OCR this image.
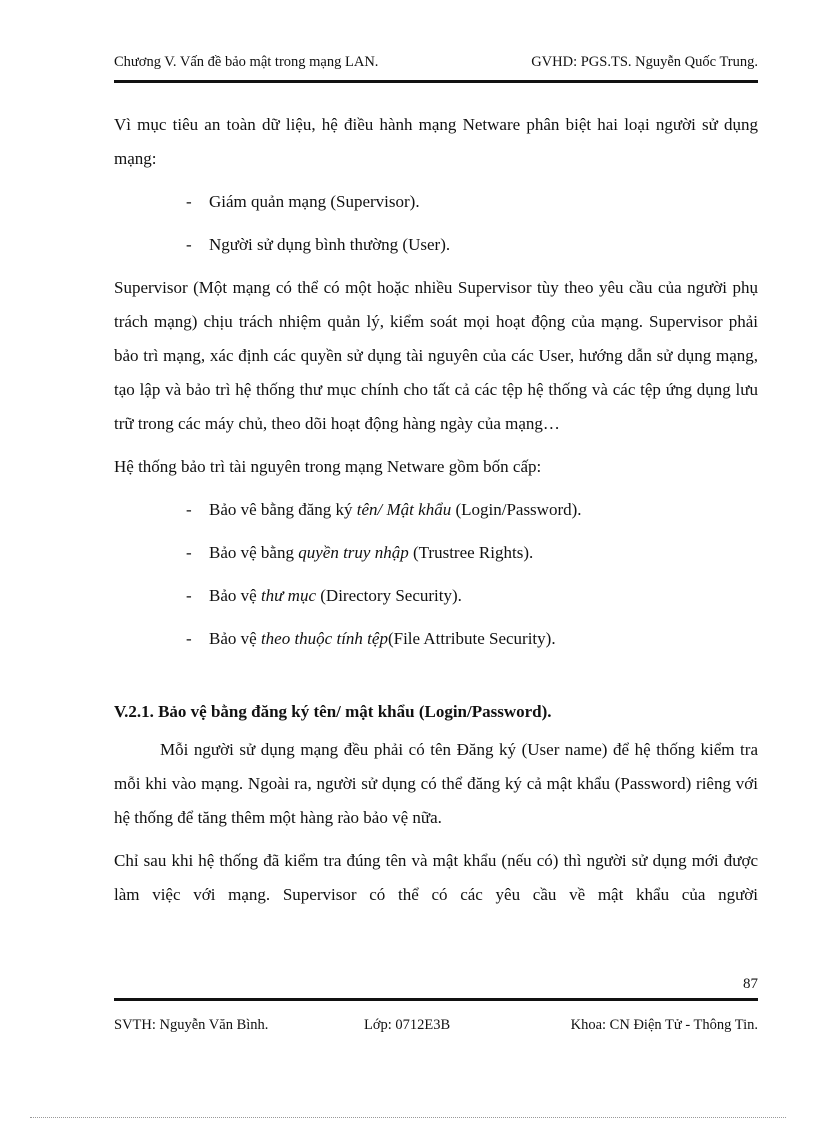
Chương V. Vấn đề bảo mật trong mạng LAN.	GVHD: PGS.TS. Nguyễn Quốc Trung.

Vì mục tiêu an toàn dữ liệu, hệ điều hành mạng Netware phân biệt hai loại người sử dụng mạng:

-	Giám quản mạng (Supervisor).
-	Người sử dụng bình thường (User).

Supervisor (Một mạng có thể có một hoặc nhiều Supervisor tùy theo yêu cầu của người phụ trách mạng) chịu trách nhiệm quản lý, kiểm soát mọi hoạt động của mạng. Supervisor phải bảo trì mạng, xác định các quyền sử dụng tài nguyên của các User, hướng dẫn sử dụng mạng, tạo lập và bảo trì hệ thống thư mục chính cho tất cả các tệp hệ thống và các tệp ứng dụng lưu trữ trong các máy chủ, theo dõi hoạt động hàng ngày của mạng…

Hệ thống bảo trì tài nguyên trong mạng Netware gồm bốn cấp:

-	Bảo vê bằng đăng ký tên/ Mật khẩu (Login/Password).
-	Bảo vệ bằng quyền truy nhập (Trustree Rights).
-	Bảo vệ thư mục (Directory Security).
-	Bảo vệ theo thuộc tính tệp(File Attribute Security).

V.2.1. Bảo vệ bằng đăng ký tên/ mật khẩu (Login/Password).

Mỗi người sử dụng mạng đều phải có tên Đăng ký (User name) để hệ thống kiểm tra mỗi khi vào mạng. Ngoài ra, người sử dụng có thể đăng ký cả mật khẩu (Password) riêng với hệ thống để tăng thêm một hàng rào bảo vệ nữa.

Chỉ sau khi hệ thống đã kiểm tra đúng tên và mật khẩu (nếu có) thì người sử dụng mới được làm việc với mạng. Supervisor có thể có các yêu cầu về mật khẩu của người

87
SVTH: Nguyễn Văn Bình.	Lớp: 0712E3B	Khoa: CN Điện Tử - Thông Tin.
